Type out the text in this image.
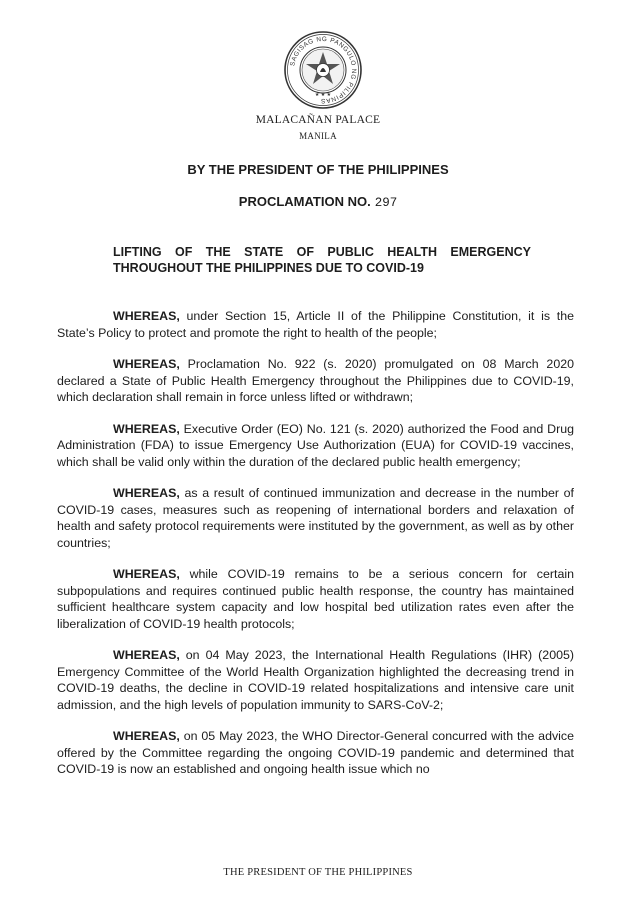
SAGISAG NG PANGULO NG PILIPINAS
★ ★ ★
MALACAÑAN PALACE
MANILA
BY THE PRESIDENT OF THE PHILIPPINES
PROCLAMATION NO. 297
LIFTING OF THE STATE OF PUBLIC HEALTH EMERGENCY
THROUGHOUT THE PHILIPPINES DUE TO COVID-19

WHEREAS, under Section 15, Article II of the Philippine Constitution, it is the State’s Policy to protect and promote the right to health of the people;

WHEREAS, Proclamation No. 922 (s. 2020) promulgated on 08 March 2020 declared a State of Public Health Emergency throughout the Philippines due to COVID-19, which declaration shall remain in force unless lifted or withdrawn;

WHEREAS, Executive Order (EO) No. 121 (s. 2020) authorized the Food and Drug Administration (FDA) to issue Emergency Use Authorization (EUA) for COVID-19 vaccines, which shall be valid only within the duration of the declared public health emergency;

WHEREAS, as a result of continued immunization and decrease in the number of COVID-19 cases, measures such as reopening of international borders and relaxation of health and safety protocol requirements were instituted by the government, as well as by other countries;

WHEREAS, while COVID-19 remains to be a serious concern for certain subpopulations and requires continued public health response, the country has maintained sufficient healthcare system capacity and low hospital bed utilization rates even after the liberalization of COVID-19 health protocols;

WHEREAS, on 04 May 2023, the International Health Regulations (IHR) (2005) Emergency Committee of the World Health Organization highlighted the decreasing trend in COVID-19 deaths, the decline in COVID-19 related hospitalizations and intensive care unit admission, and the high levels of population immunity to SARS-CoV-2;

WHEREAS, on 05 May 2023, the WHO Director-General concurred with the advice offered by the Committee regarding the ongoing COVID-19 pandemic and determined that COVID-19 is now an established and ongoing health issue which no

THE PRESIDENT OF THE PHILIPPINES
